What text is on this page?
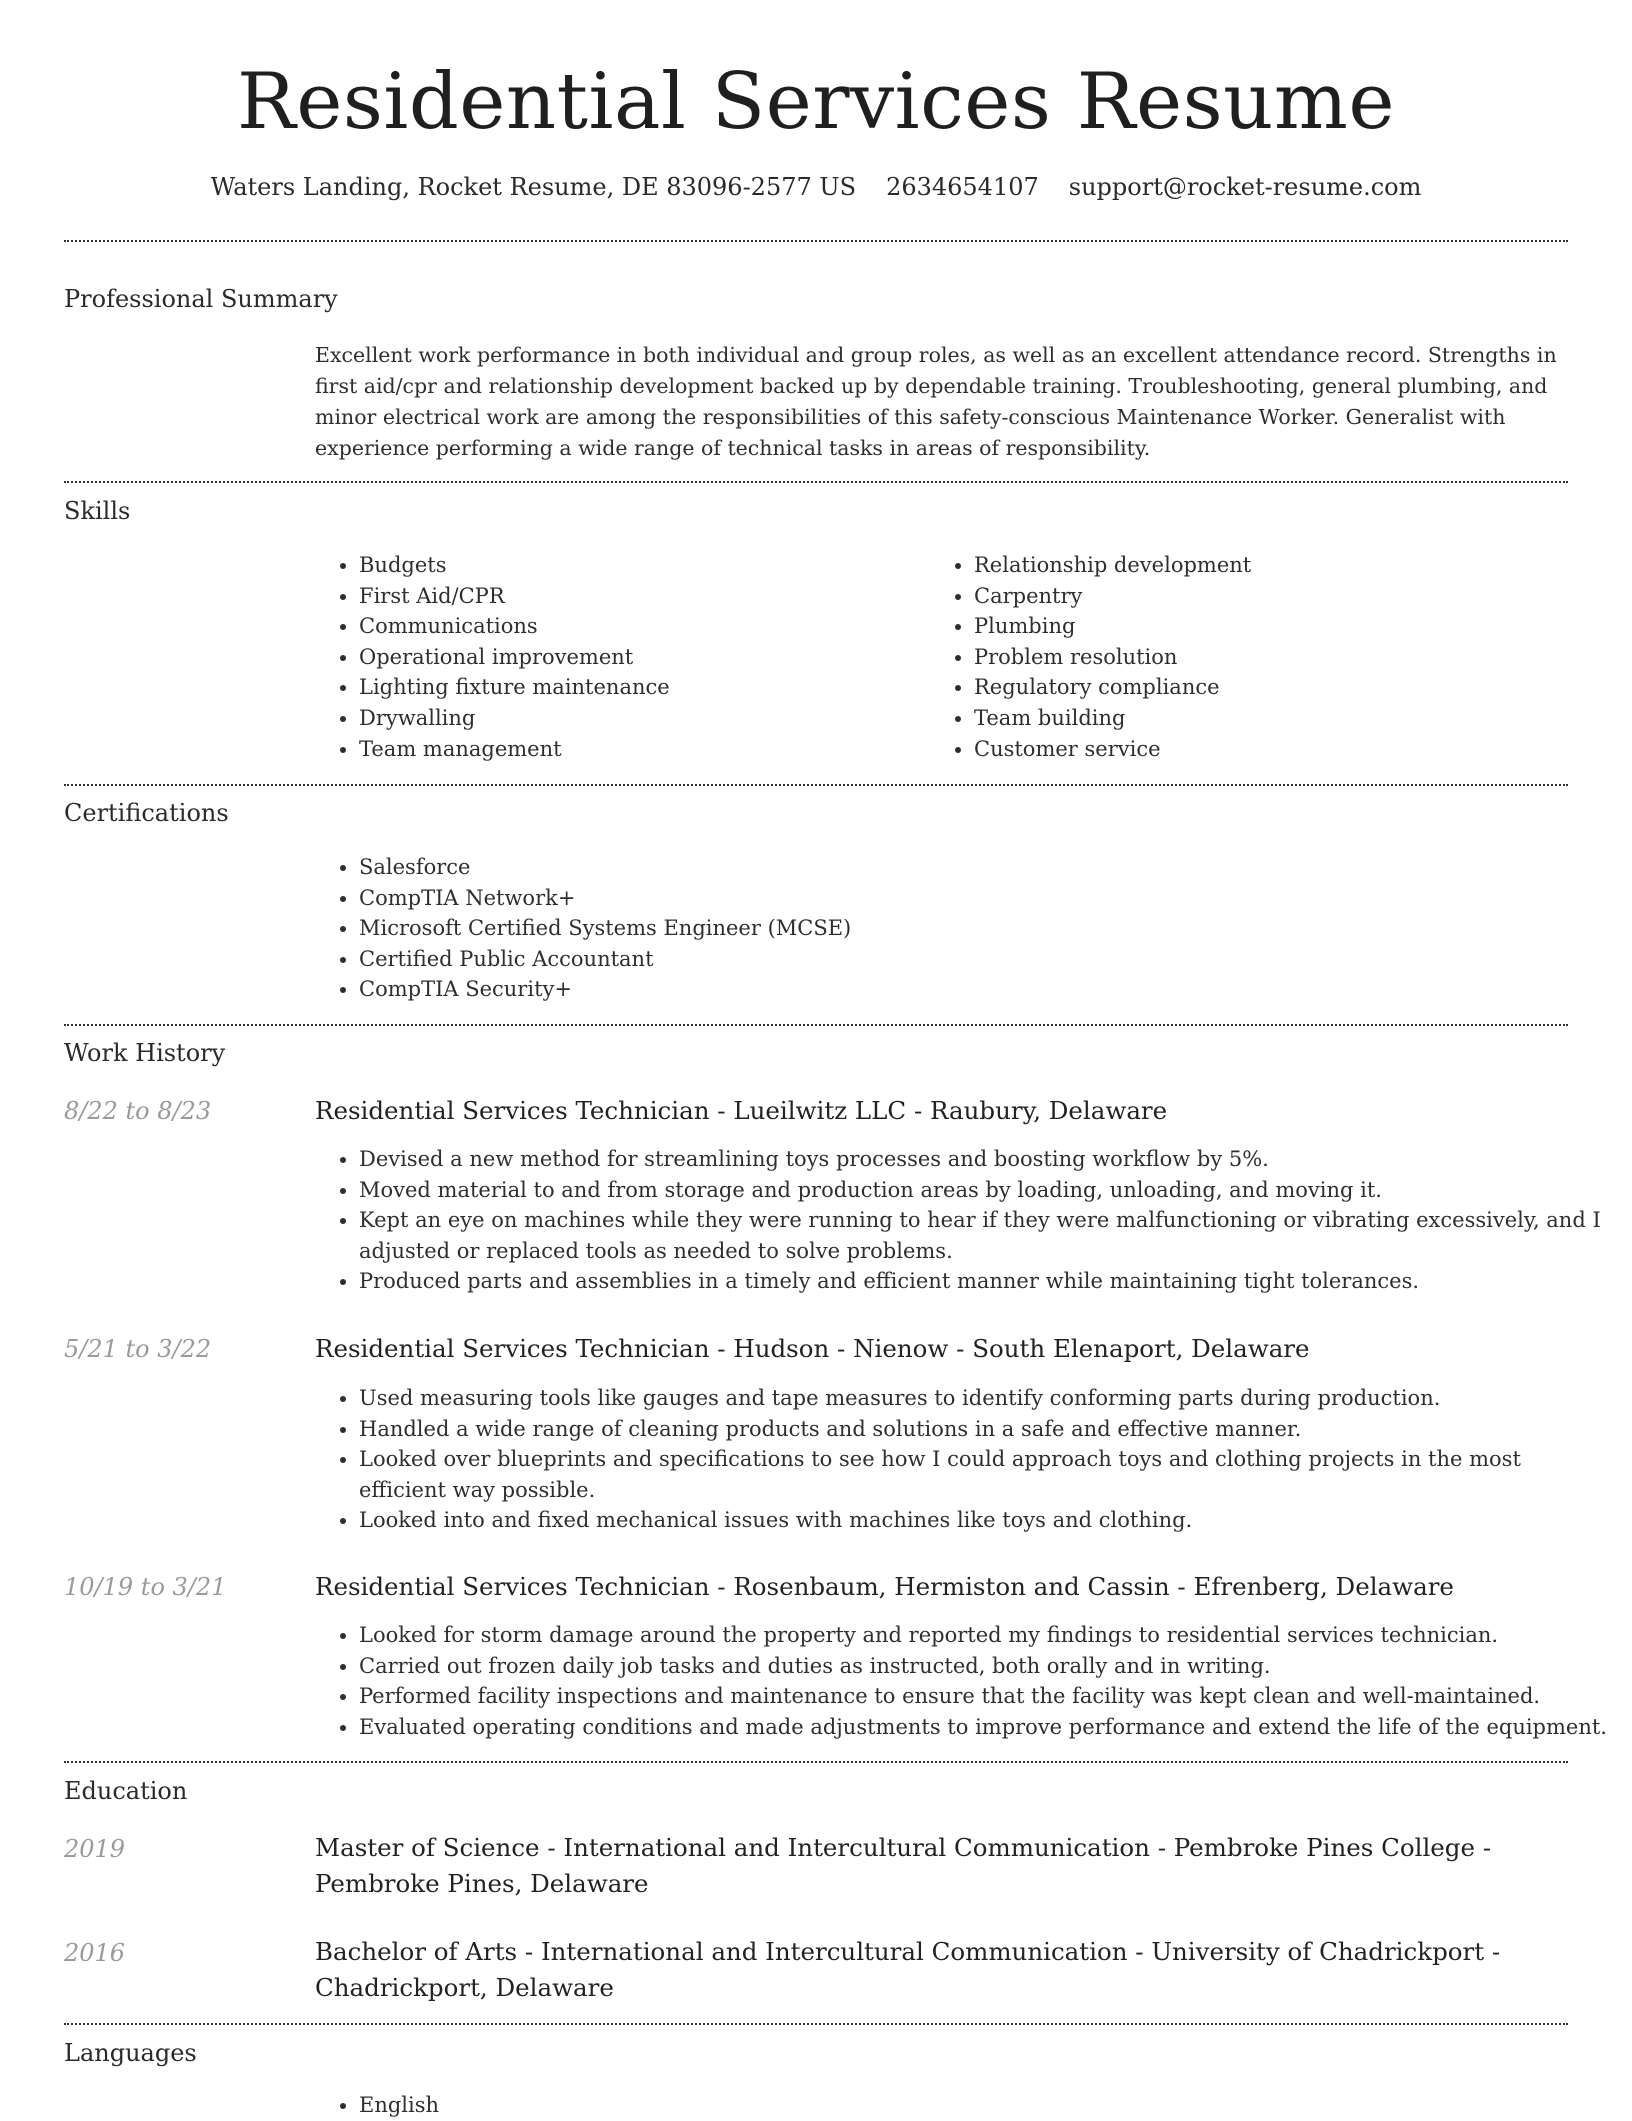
Residential Services Resume
Waters Landing, Rocket Resume, DE 83096-2577 US 2634654107 support@rocket-resume.com
Professional Summary
Excellent work performance in both individual and group roles, as well as an excellent attendance record. Strengths in first aid/cpr and relationship development backed up by dependable training. Troubleshooting, general plumbing, and minor electrical work are among the responsibilities of this safety-conscious Maintenance Worker. Generalist with experience performing a wide range of technical tasks in areas of responsibility.
Skills
• Budgets
• First Aid/CPR
• Communications
• Operational improvement
• Lighting fixture maintenance
• Drywalling
• Team management
• Relationship development
• Carpentry
• Plumbing
• Problem resolution
• Regulatory compliance
• Team building
• Customer service
Certifications
• Salesforce
• CompTIA Network+
• Microsoft Certified Systems Engineer (MCSE)
• Certified Public Accountant
• CompTIA Security+
Work History
8/22 to 8/23	Residential Services Technician - Lueilwitz LLC - Raubury, Delaware
• Devised a new method for streamlining toys processes and boosting workflow by 5%.
• Moved material to and from storage and production areas by loading, unloading, and moving it.
• Kept an eye on machines while they were running to hear if they were malfunctioning or vibrating excessively, and I adjusted or replaced tools as needed to solve problems.
• Produced parts and assemblies in a timely and efficient manner while maintaining tight tolerances.
5/21 to 3/22	Residential Services Technician - Hudson - Nienow - South Elenaport, Delaware
• Used measuring tools like gauges and tape measures to identify conforming parts during production.
• Handled a wide range of cleaning products and solutions in a safe and effective manner.
• Looked over blueprints and specifications to see how I could approach toys and clothing projects in the most efficient way possible.
• Looked into and fixed mechanical issues with machines like toys and clothing.
10/19 to 3/21	Residential Services Technician - Rosenbaum, Hermiston and Cassin - Efrenberg, Delaware
• Looked for storm damage around the property and reported my findings to residential services technician.
• Carried out frozen daily job tasks and duties as instructed, both orally and in writing.
• Performed facility inspections and maintenance to ensure that the facility was kept clean and well-maintained.
• Evaluated operating conditions and made adjustments to improve performance and extend the life of the equipment.
Education
2019	Master of Science - International and Intercultural Communication - Pembroke Pines College - Pembroke Pines, Delaware
2016	Bachelor of Arts - International and Intercultural Communication - University of Chadrickport - Chadrickport, Delaware
Languages
• English
